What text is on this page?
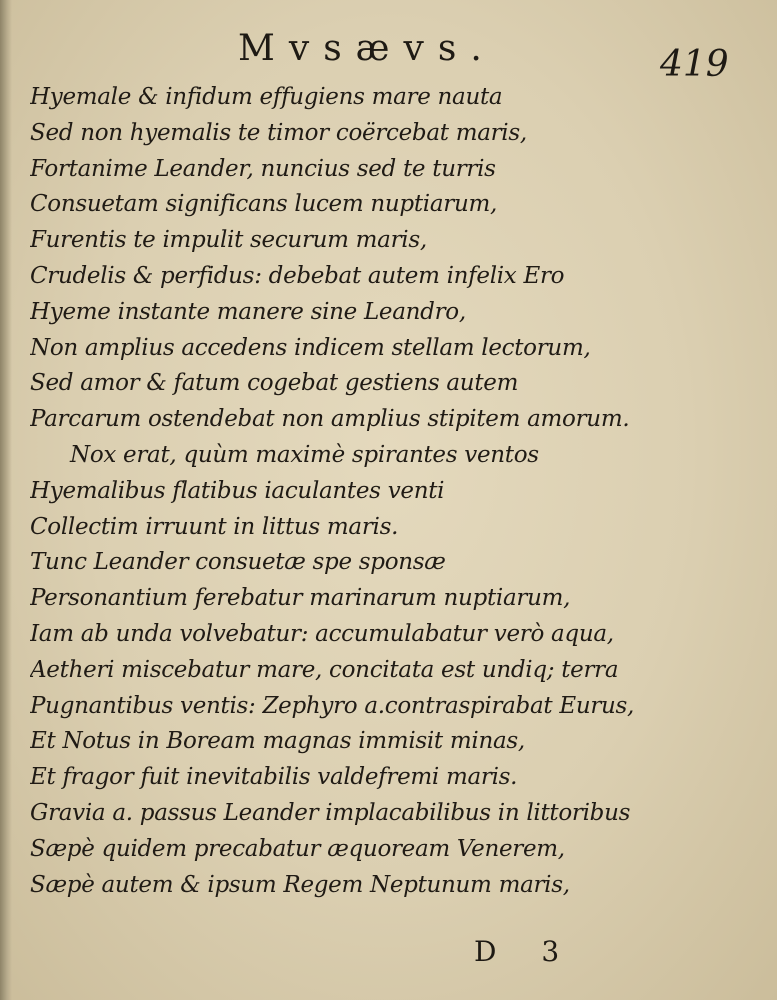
Mvsævs.	419
Hyemale & infidum effugiens mare nauta
Sed non hyemalis te timor coërcebat maris,
Fortanime Leander, nuncius sed te turris
Consuetam significans lucem nuptiarum,
Furentis te impulit securum maris,
Crudelis & perfidus: debebat autem infelix Ero
Hyeme instante manere sine Leandro,
Non amplius accedens indicem stellam lectorum,
Sed amor & fatum cogebat gestiens autem
Parcarum ostendebat non amplius stipitem amorum.
Nox erat, quùm maximè spirantes ventos
Hyemalibus flatibus iaculantes venti
Collectim irruunt in littus maris.
Tunc Leander consuetæ spe sponsæ
Personantium ferebatur marinarum nuptiarum,
Iam ab unda volvebatur: accumulabatur verò aqua,
Aetheri miscebatur mare, concitata est undiq; terra
Pugnantibus ventis: Zephyro a.contraspirabat Eurus,
Et Notus in Boream magnas immisit minas,
Et fragor fuit inevitabilis valdefremi maris.
Gravia a. passus Leander implacabilibus in littoribus
Sæpè quidem precabatur æquoream Venerem,
Sæpè autem & ipsum Regem Neptunum maris,
D 3
